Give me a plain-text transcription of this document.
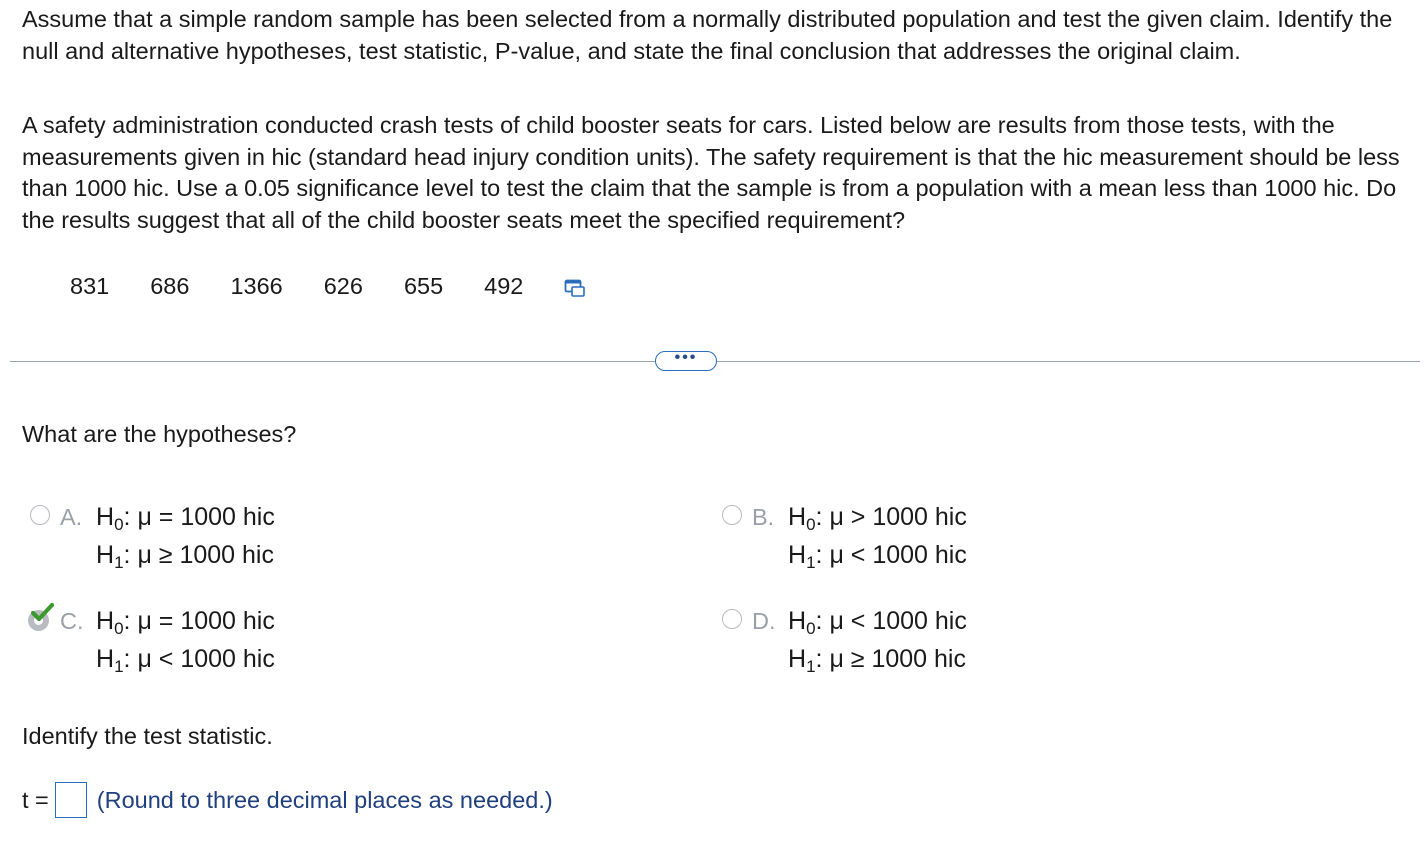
Assume that a simple random sample has been selected from a normally distributed population and test the given claim. Identify the null and alternative hypotheses, test statistic, P-value, and state the final conclusion that addresses the original claim.

A safety administration conducted crash tests of child booster seats for cars. Listed below are results from those tests, with the measurements given in hic (standard head injury condition units). The safety requirement is that the hic measurement should be less than 1000 hic. Use a 0.05 significance level to test the claim that the sample is from a population with a mean less than 1000 hic. Do the results suggest that all of the child booster seats meet the specified requirement?

831 686 1366 626 655 492
•••

What are the hypotheses?

A. $H_0$: μ = 1000 hic
$H_1$: μ ≥ 1000 hic
B. $H_0$: μ > 1000 hic
$H_1$: μ < 1000 hic
C. $H_0$: μ = 1000 hic
$H_1$: μ < 1000 hic
D. $H_0$: μ < 1000 hic
$H_1$: μ ≥ 1000 hic

Identify the test statistic.

t = (Round to three decimal places as needed.)
